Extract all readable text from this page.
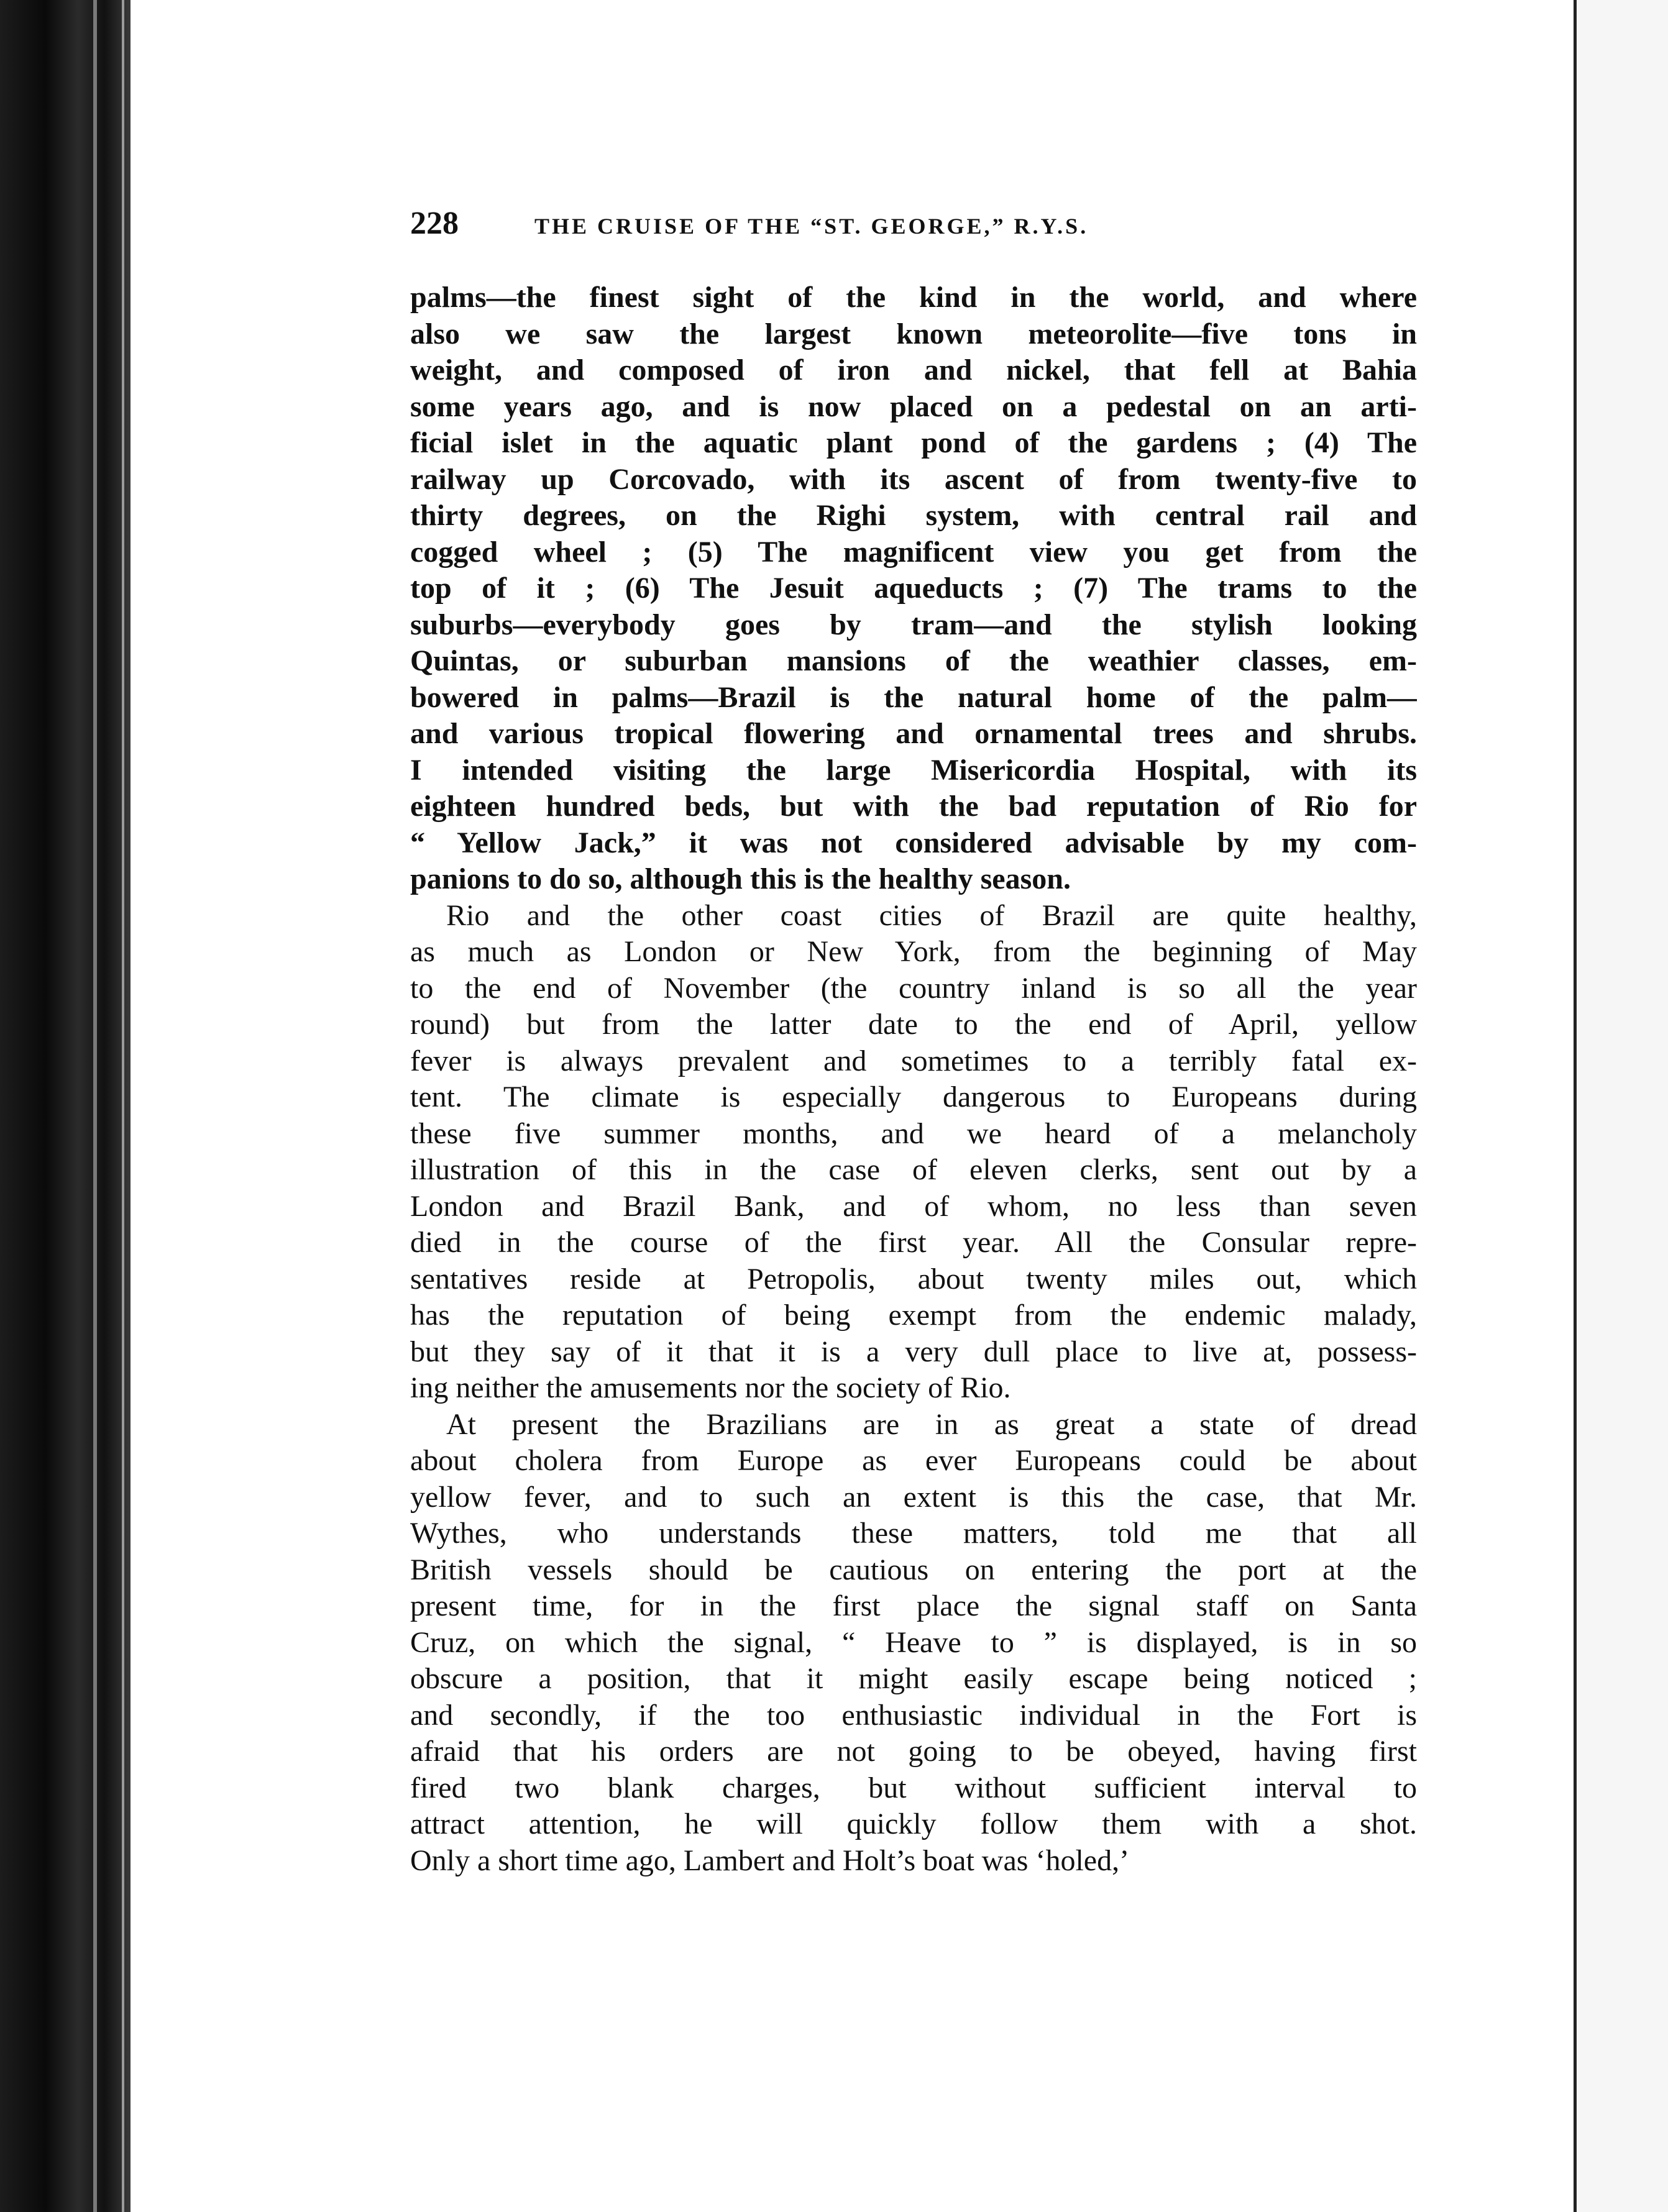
228	THE CRUISE OF THE “ST. GEORGE,” R.Y.S.
palms—the finest sight of the kind in the world, and where
also we saw the largest known meteorolite—five tons in
weight, and composed of iron and nickel, that fell at Bahia
some years ago, and is now placed on a pedestal on an arti-
ficial islet in the aquatic plant pond of the gardens ; (4) The
railway up Corcovado, with its ascent of from twenty-five to
thirty degrees, on the Righi system, with central rail and
cogged wheel ; (5) The magnificent view you get from the
top of it ; (6) The Jesuit aqueducts ; (7) The trams to the
suburbs—everybody goes by tram—and the stylish looking
Quintas, or suburban mansions of the weathier classes, em-
bowered in palms—Brazil is the natural home of the palm—
and various tropical flowering and ornamental trees and shrubs.
I intended visiting the large Misericordia Hospital, with its
eighteen hundred beds, but with the bad reputation of Rio for
“ Yellow Jack,” it was not considered advisable by my com-
panions to do so, although this is the healthy season.
Rio and the other coast cities of Brazil are quite healthy,
as much as London or New York, from the beginning of May
to the end of November (the country inland is so all the year
round) but from the latter date to the end of April, yellow
fever is always prevalent and sometimes to a terribly fatal ex-
tent. The climate is especially dangerous to Europeans during
these five summer months, and we heard of a melancholy
illustration of this in the case of eleven clerks, sent out by a
London and Brazil Bank, and of whom, no less than seven
died in the course of the first year. All the Consular repre-
sentatives reside at Petropolis, about twenty miles out, which
has the reputation of being exempt from the endemic malady,
but they say of it that it is a very dull place to live at, possess-
ing neither the amusements nor the society of Rio.
At present the Brazilians are in as great a state of dread
about cholera from Europe as ever Europeans could be about
yellow fever, and to such an extent is this the case, that Mr.
Wythes, who understands these matters, told me that all
British vessels should be cautious on entering the port at the
present time, for in the first place the signal staff on Santa
Cruz, on which the signal, “ Heave to ” is displayed, is in so
obscure a position, that it might easily escape being noticed ;
and secondly, if the too enthusiastic individual in the Fort is
afraid that his orders are not going to be obeyed, having first
fired two blank charges, but without sufficient interval to
attract attention, he will quickly follow them with a shot.
Only a short time ago, Lambert and Holt’s boat was ‘holed,’
